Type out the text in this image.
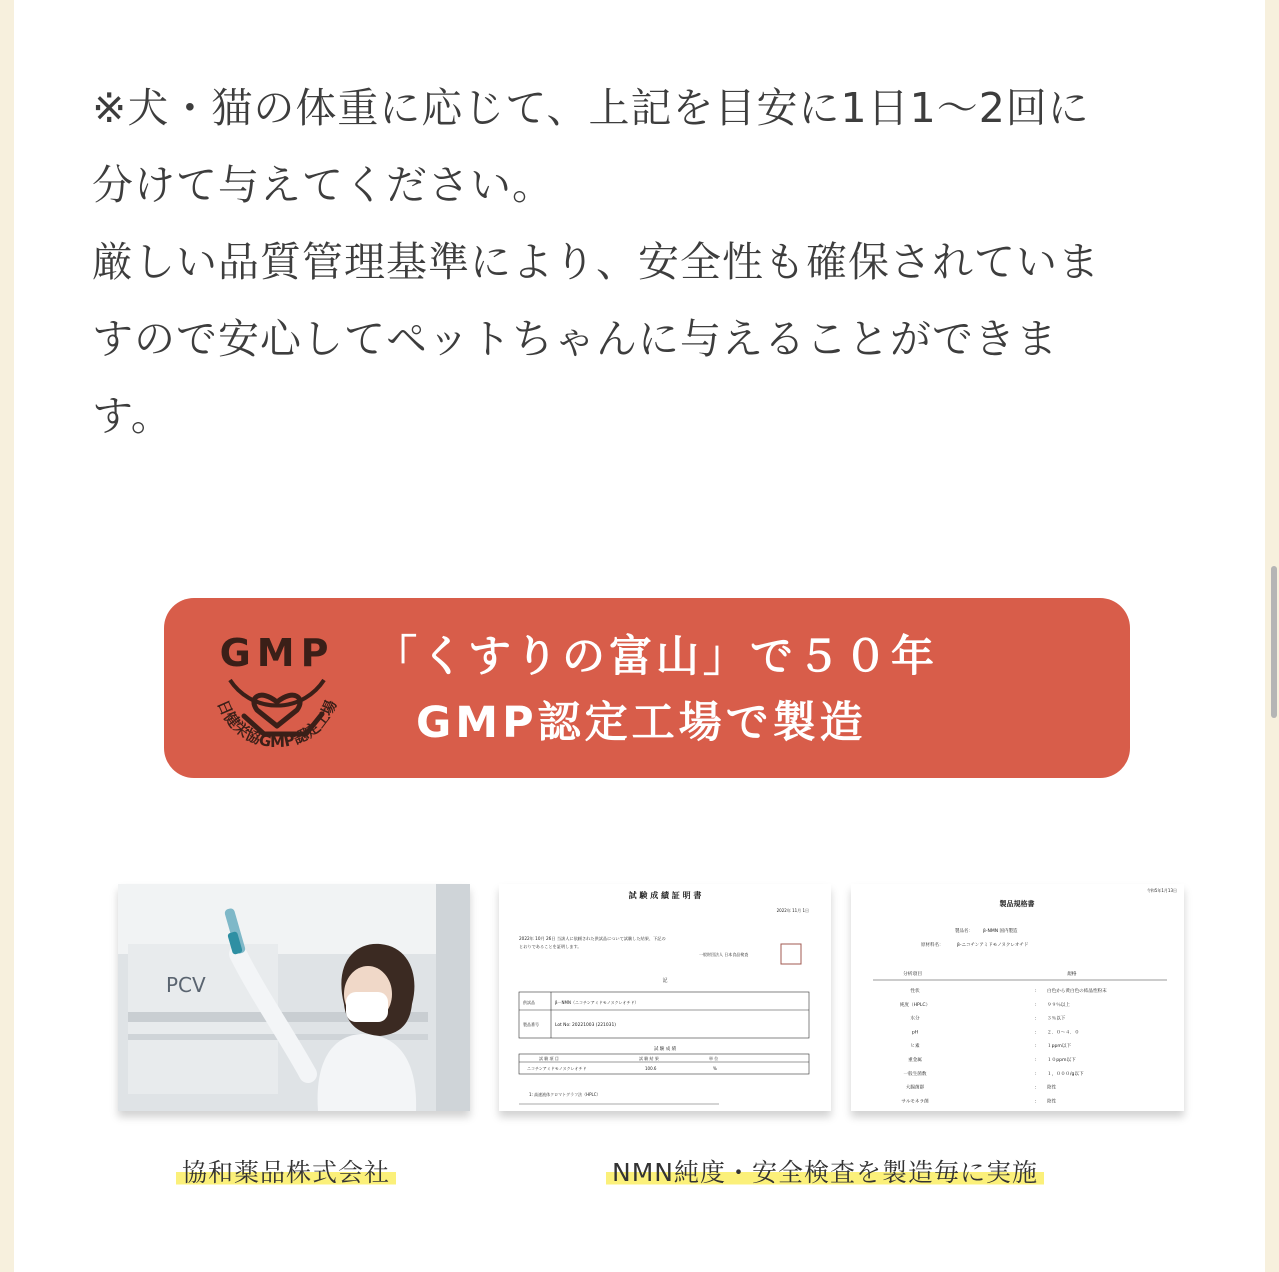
※犬・猫の体重に応じて、上記を目安に1日1〜2回に

分けて与えてください。

厳しい品質管理基準により、安全性も確保されていま

すので安心してペットちゃんに与えることができま

す。

GMP
日健栄協GMP認定工場
「くすりの富山」で５０年
GMP認定工場で製造
PCV
試 験 成 績 証 明 書
2022年 11月 1日
2022年 10月 26日 当該人に依頼された供試品について試験した結果、下記の
とおりであることを証明します。
一般財団法人 日本食品検査
記
供試品	β－NMN（ニコチンアミドモノヌクレオチド）
製品番号	Lot No: 20221003 (221031)
試 験 成 績
試 験 項 目	試 験 結 果	単 位
ニコチンアミドモノヌクレオチド	100.6	%
1: 高速液体クロマトグラフ法（HPLC）
令和5年1月13日
製品規格書
製品名： β-NMN 国内製造
原材料名：	β-ニコチンアミドモノヌクレオチド
分析項目	規格
性状	: 白色から黄白色の結晶性粉末
純度（HPLC）	: ９９％以上
水分	: ３％以下
pH	: ２．０〜４．０
ヒ素	: １ppm以下
重金属	: １０ppm以下
一般生菌数	: １，０００/g以下
大腸菌群	: 陰性
サルモネラ菌	: 陰性
協和薬品株式会社	NMN純度・安全検査を製造毎に実施
